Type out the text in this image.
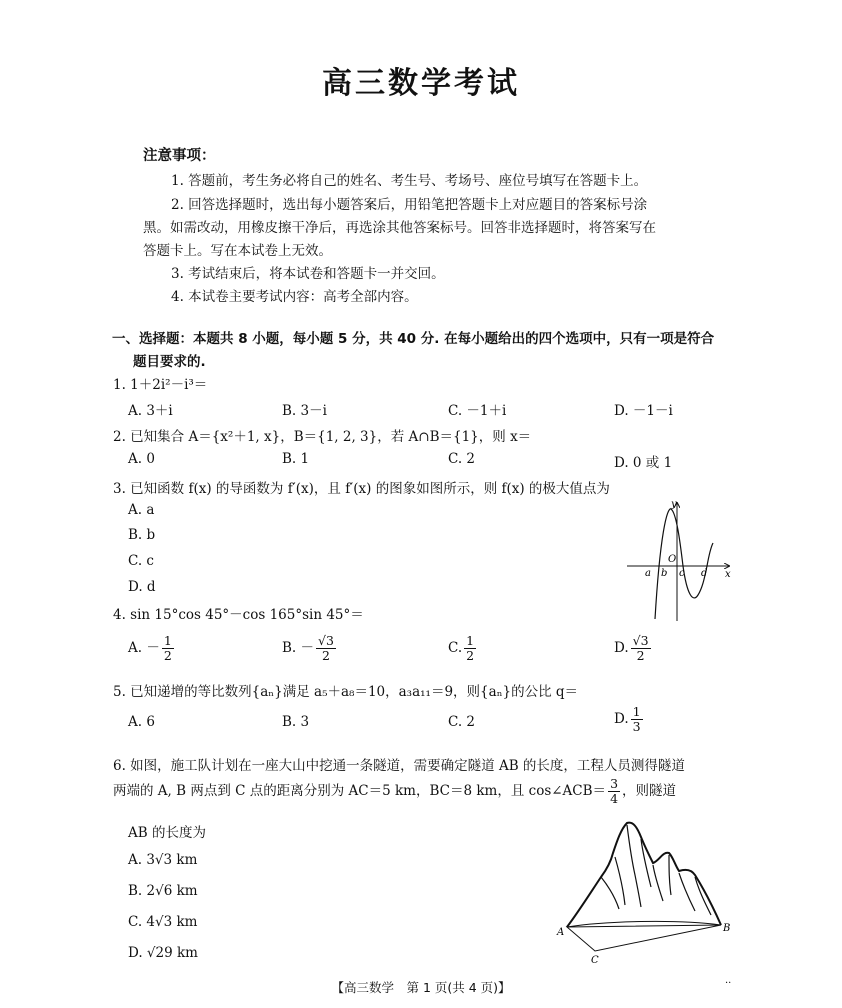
高三数学考试
注意事项：
1. 答题前，考生务必将自己的姓名、考生号、考场号、座位号填写在答题卡上。
2. 回答选择题时，选出每小题答案后，用铅笔把答题卡上对应题目的答案标号涂
黑。如需改动，用橡皮擦干净后，再选涂其他答案标号。回答非选择题时，将答案写在
答题卡上。写在本试卷上无效。
3. 考试结束后，将本试卷和答题卡一并交回。
4. 本试卷主要考试内容：高考全部内容。
一、选择题：本题共 8 小题，每小题 5 分，共 40 分. 在每小题给出的四个选项中，只有一项是符合
题目要求的.
1. 1＋2i²－i³＝
A. 3＋i	B. 3－i	C. －1＋i	D. －1－i
2. 已知集合 A＝{x²＋1, x}，B＝{1, 2, 3}，若 A∩B＝{1}，则 x＝
A. 0	B. 1	C. 2	D. 0 或 1
3. 已知函数 f(x) 的导函数为 f′(x)，且 f′(x) 的图象如图所示，则 f(x) 的极大值点为
A. a
B. b
C. c
D. d
y
x
O
a b c d
4. sin 15°cos 45°－cos 165°sin 45°＝
A. － $\frac{1}{2}$	B. － $\frac{√3}{2}$	C. $\frac{1}{2}$	D. $\frac{√3}{2}$
5. 已知递增的等比数列{aₙ}满足 a₅＋a₈＝10，a₃a₁₁＝9，则{aₙ}的公比 q＝
A. 6	B. 3	C. 2	D. $\frac{1}{3}$
6. 如图，施工队计划在一座大山中挖通一条隧道，需要确定隧道 AB 的长度，工程人员测得隧道
两端的 A, B 两点到 C 点的距离分别为 AC＝5 km，BC＝8 km，且 cos∠ACB＝ $\frac{3}{4}$ ，则隧道
AB 的长度为
A. 3√3 km
B. 2√6 km
C. 4√3 km
D. √29 km
A	B
C
【高三数学　第 1 页(共 4 页)】	··
